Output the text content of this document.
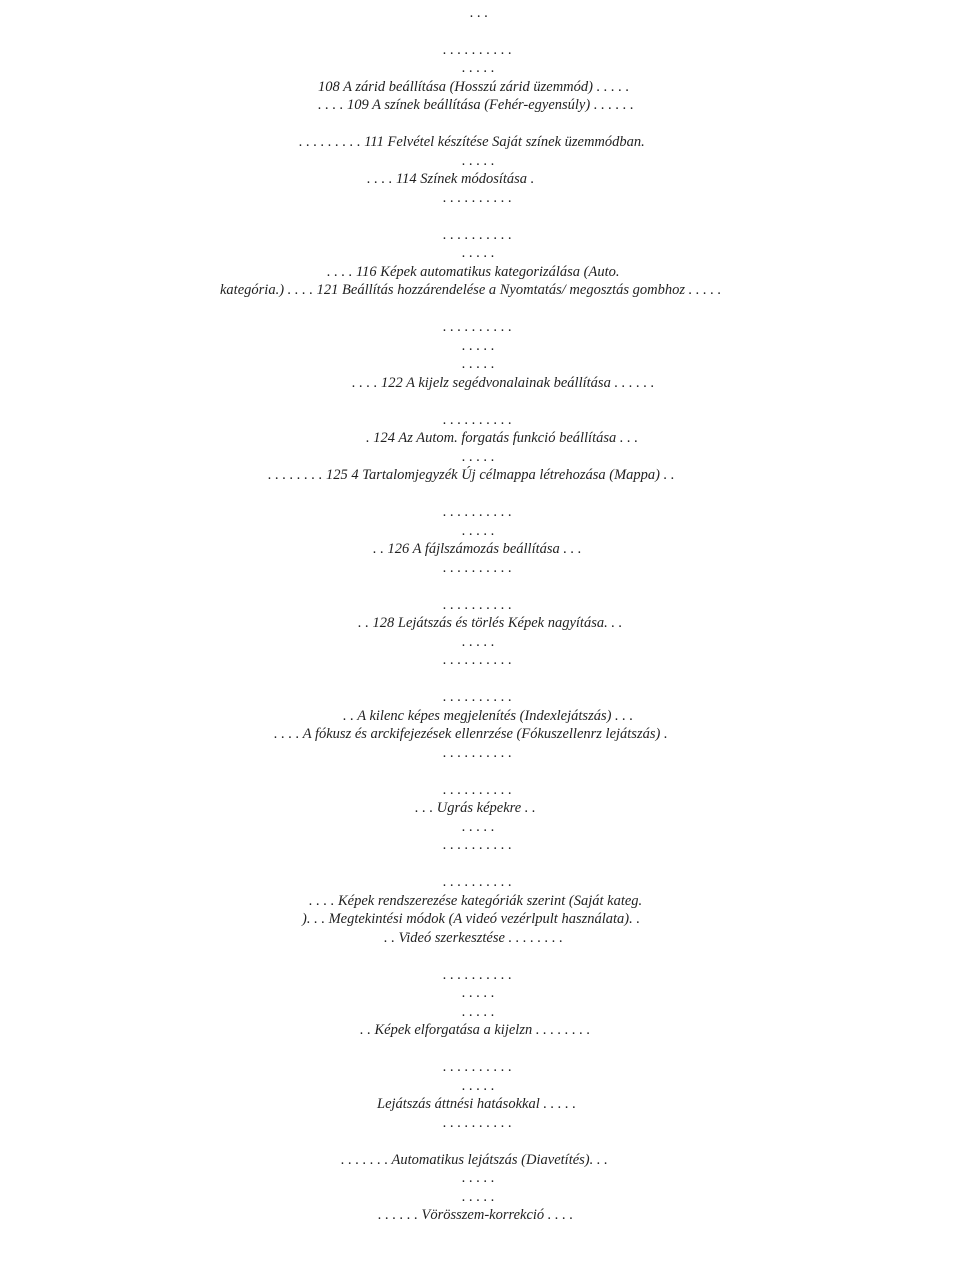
. . .
. . . . . . . . . .
. . . . .
108 A zárid beállítása (Hosszú zárid üzemmód) . . . . .
. . . . 109 A színek beállítása (Fehér-egyensúly) . . . . . .
. . . . . . . . . 111 Felvétel készítése Saját színek üzemmódban.
. . . . .
. . . . 114 Színek módosítása .
. . . . . . . . . .
. . . . . . . . . .
. . . . .
. . . . 116 Képek automatikus kategorizálása (Auto.
kategória.) . . . . 121 Beállítás hozzárendelése a Nyomtatás/ megosztás gombhoz . . . . .
. . . . . . . . . .
. . . . .
. . . . .
. . . . 122 A kijelz segédvonalainak beállítása . . . . . .
. . . . . . . . . .
. 124 Az Autom. forgatás funkció beállítása . . .
. . . . .
. . . . . . . . 125 4 Tartalomjegyzék Új célmappa létrehozása (Mappa) . .
. . . . . . . . . .
. . . . .
. . 126 A fájlszámozás beállítása . . .
. . . . . . . . . .
. . . . . . . . . .
. . 128 Lejátszás és törlés Képek nagyítása. . .
. . . . .
. . . . . . . . . .
. . . . . . . . . .
. . A kilenc képes megjelenítés (Indexlejátszás) . . .
. . . . A fókusz és arckifejezések ellenrzése (Fókuszellenrz lejátszás) .
. . . . . . . . . .
. . . . . . . . . .
. . . Ugrás képekre . .
. . . . .
. . . . . . . . . .
. . . . . . . . . .
. . . . Képek rendszerezése kategóriák szerint (Saját kateg.
). . . Megtekintési módok (A videó vezérlpult használata). .
. . Videó szerkesztése . . . . . . . .
. . . . . . . . . .
. . . . .
. . . . .
. . Képek elforgatása a kijelzn . . . . . . . .
. . . . . . . . . .
. . . . .
Lejátszás áttnési hatásokkal . . . . .
. . . . . . . . . .
. . . . . . . Automatikus lejátszás (Diavetítés). . .
. . . . .
. . . . .
. . . . . . Vörösszem-korrekció . . . .
